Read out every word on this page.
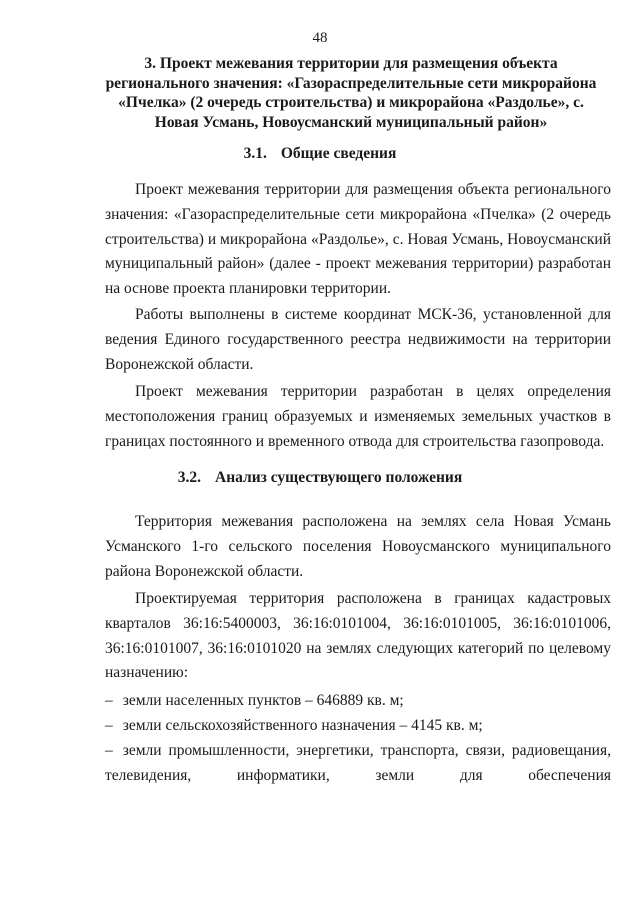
48
3. Проект межевания территории для размещения объекта регионального значения: «Газораспределительные сети микрорайона «Пчелка» (2 очередь строительства) и микрорайона «Раздолье», с. Новая Усмань, Новоусманский муниципальный район»
3.1. Общие сведения
Проект межевания территории для размещения объекта регионального значения: «Газораспределительные сети микрорайона «Пчелка» (2 очередь строительства) и микрорайона «Раздолье», с. Новая Усмань, Новоусманский муниципальный район» (далее - проект межевания территории) разработан на основе проекта планировки территории.
Работы выполнены в системе координат МСК-36, установленной для ведения Единого государственного реестра недвижимости на территории Воронежской области.
Проект межевания территории разработан в целях определения местоположения границ образуемых и изменяемых земельных участков в границах постоянного и временного отвода для строительства газопровода.
3.2. Анализ существующего положения
Территория межевания расположена на землях села Новая Усмань Усманского 1-го сельского поселения Новоусманского муниципального района Воронежской области.
Проектируемая территория расположена в границах кадастровых кварталов 36:16:5400003, 36:16:0101004, 36:16:0101005, 36:16:0101006, 36:16:0101007, 36:16:0101020 на землях следующих категорий по целевому назначению:
– земли населенных пунктов – 646889 кв. м;
– земли сельскохозяйственного назначения – 4145 кв. м;
– земли промышленности, энергетики, транспорта, связи, радиовещания, телевидения, информатики, земли для обеспечения
